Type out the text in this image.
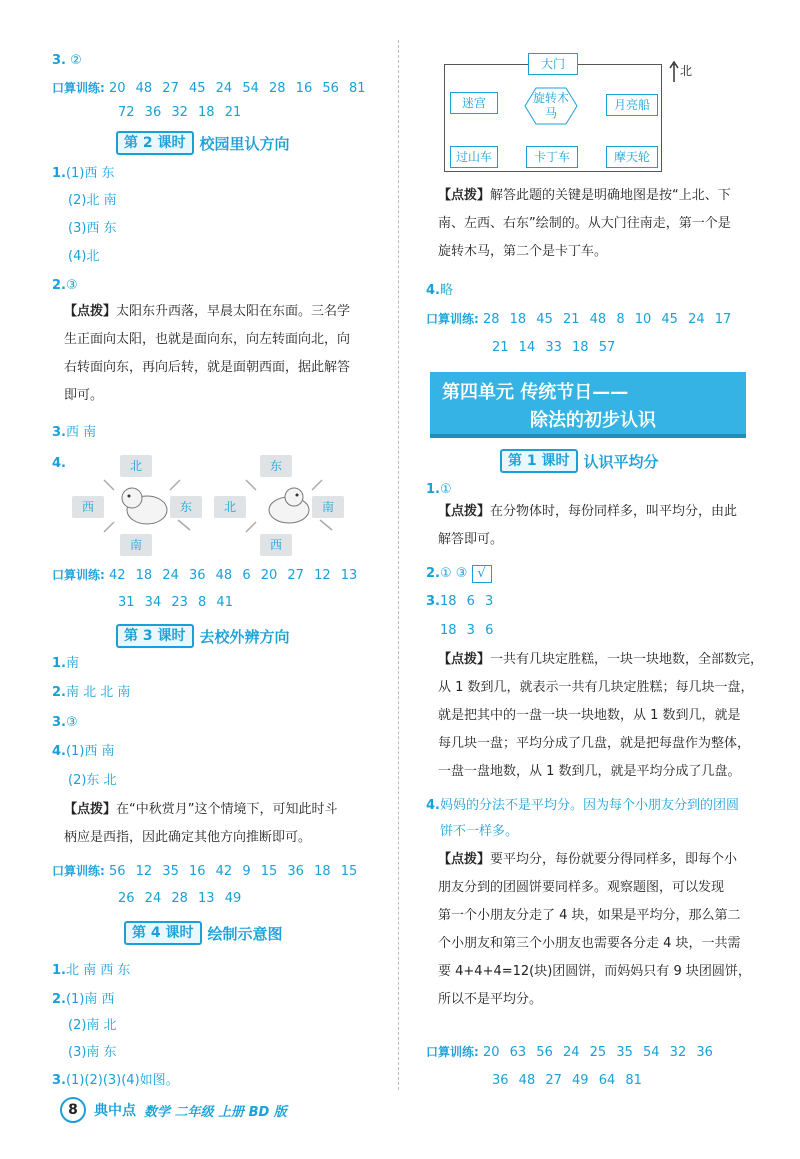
3. ②
口算训练: 20 48 27 45 24 54 28 16 56 81
72 36 32 18 21
第 2 课时 校园里认方向
1.(1)西 东
(2)北 南
(3)西 东
(4)北
2.③
【点拨】太阳东升西落，早晨太阳在东面。三名学
生正面向太阳，也就是面向东，向左转面向北，向
右转面向东，再向后转，就是面朝西面，据此解答
即可。
3.西 南
4.	北
西	东
南
东
北	南
西
口算训练: 42 18 24 36 48 6 20 27 12 13
31 34 23 8 41
第 3 课时 去校外辨方向
1.南
2.南 北 北 南
3.③
4.(1)西 南
(2)东 北
【点拨】在“中秋赏月”这个情境下，可知此时斗
柄应是西指，因此确定其他方向推断即可。
口算训练: 56 12 35 16 42 9 15 36 18 15
26 24 28 13 49
第 4 课时 绘制示意图
1.北 南 西 东
2.(1)南 西
(2)南 北
(3)南 东
3.(1)(2)(3)(4)如图。
大门
迷宫	旋转木马
月亮船
过山车	卡丁车	摩天轮
北
【点拨】解答此题的关键是明确地图是按“上北、下
南、左西、右东”绘制的。从大门往南走，第一个是
旋转木马，第二个是卡丁车。
4.略
口算训练: 28 18 45 21 48 8 10 45 24 17
21 14 33 18 57
第四单元 传统节日——
除法的初步认识
第 1 课时 认识平均分
1.①
【点拨】在分物体时，每份同样多，叫平均分，由此
解答即可。
2.① ③ √
3.18 6 3
18 3 6
【点拨】一共有几块定胜糕，一块一块地数，全部数完，
从 1 数到几，就表示一共有几块定胜糕；每几块一盘，
就是把其中的一盘一块一块地数，从 1 数到几，就是
每几块一盘；平均分成了几盘，就是把每盘作为整体，
一盘一盘地数，从 1 数到几，就是平均分成了几盘。
4.妈妈的分法不是平均分。因为每个小朋友分到的团圆
饼不一样多。
【点拨】要平均分，每份就要分得同样多，即每个小
朋友分到的团圆饼要同样多。观察题图，可以发现
第一个小朋友分走了 4 块，如果是平均分，那么第二
个小朋友和第三个小朋友也需要各分走 4 块，一共需
要 4+4+4=12(块)团圆饼，而妈妈只有 9 块团圆饼，
所以不是平均分。
口算训练: 20 63 56 24 25 35 54 32 36
36 48 27 49 64 81
8	典中点 数学 二年级 上册 BD 版
